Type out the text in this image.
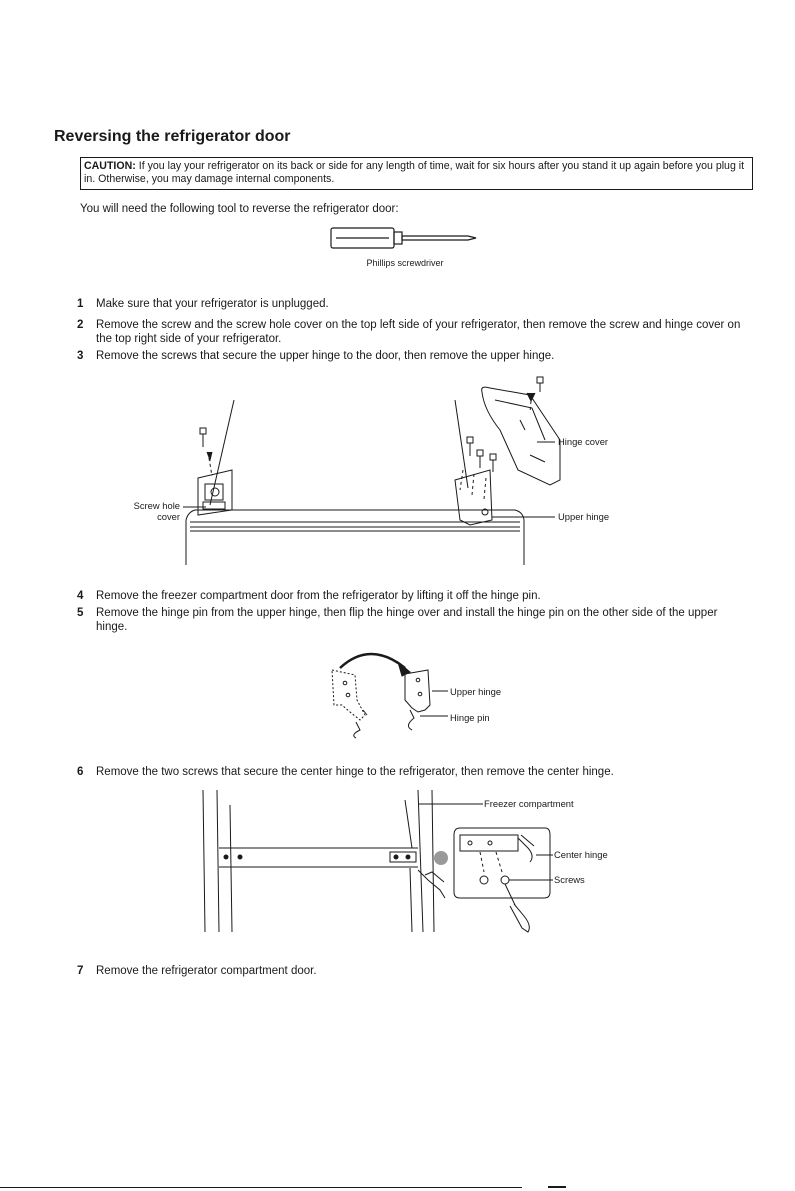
Reversing the refrigerator door
CAUTION: If you lay your refrigerator on its back or side for any length of time, wait for six hours after you stand it up again before you plug it in. Otherwise, you may damage internal components.
You will need the following tool to reverse the refrigerator door:
Phillips screwdriver
1 Make sure that your refrigerator is unplugged.
2 Remove the screw and the screw hole cover on the top left side of your refrigerator, then remove the screw and hinge cover on the top right side of your refrigerator.
3 Remove the screws that secure the upper hinge to the door, then remove the upper hinge.
Screw hole
cover
Hinge cover
Upper hinge
4 Remove the freezer compartment door from the refrigerator by lifting it off the hinge pin.
5 Remove the hinge pin from the upper hinge, then flip the hinge over and install the hinge pin on the other side of the upper hinge.
Upper hinge
Hinge pin
6 Remove the two screws that secure the center hinge to the refrigerator, then remove the center hinge.
Freezer compartment
Center hinge
Screws
7 Remove the refrigerator compartment door.
